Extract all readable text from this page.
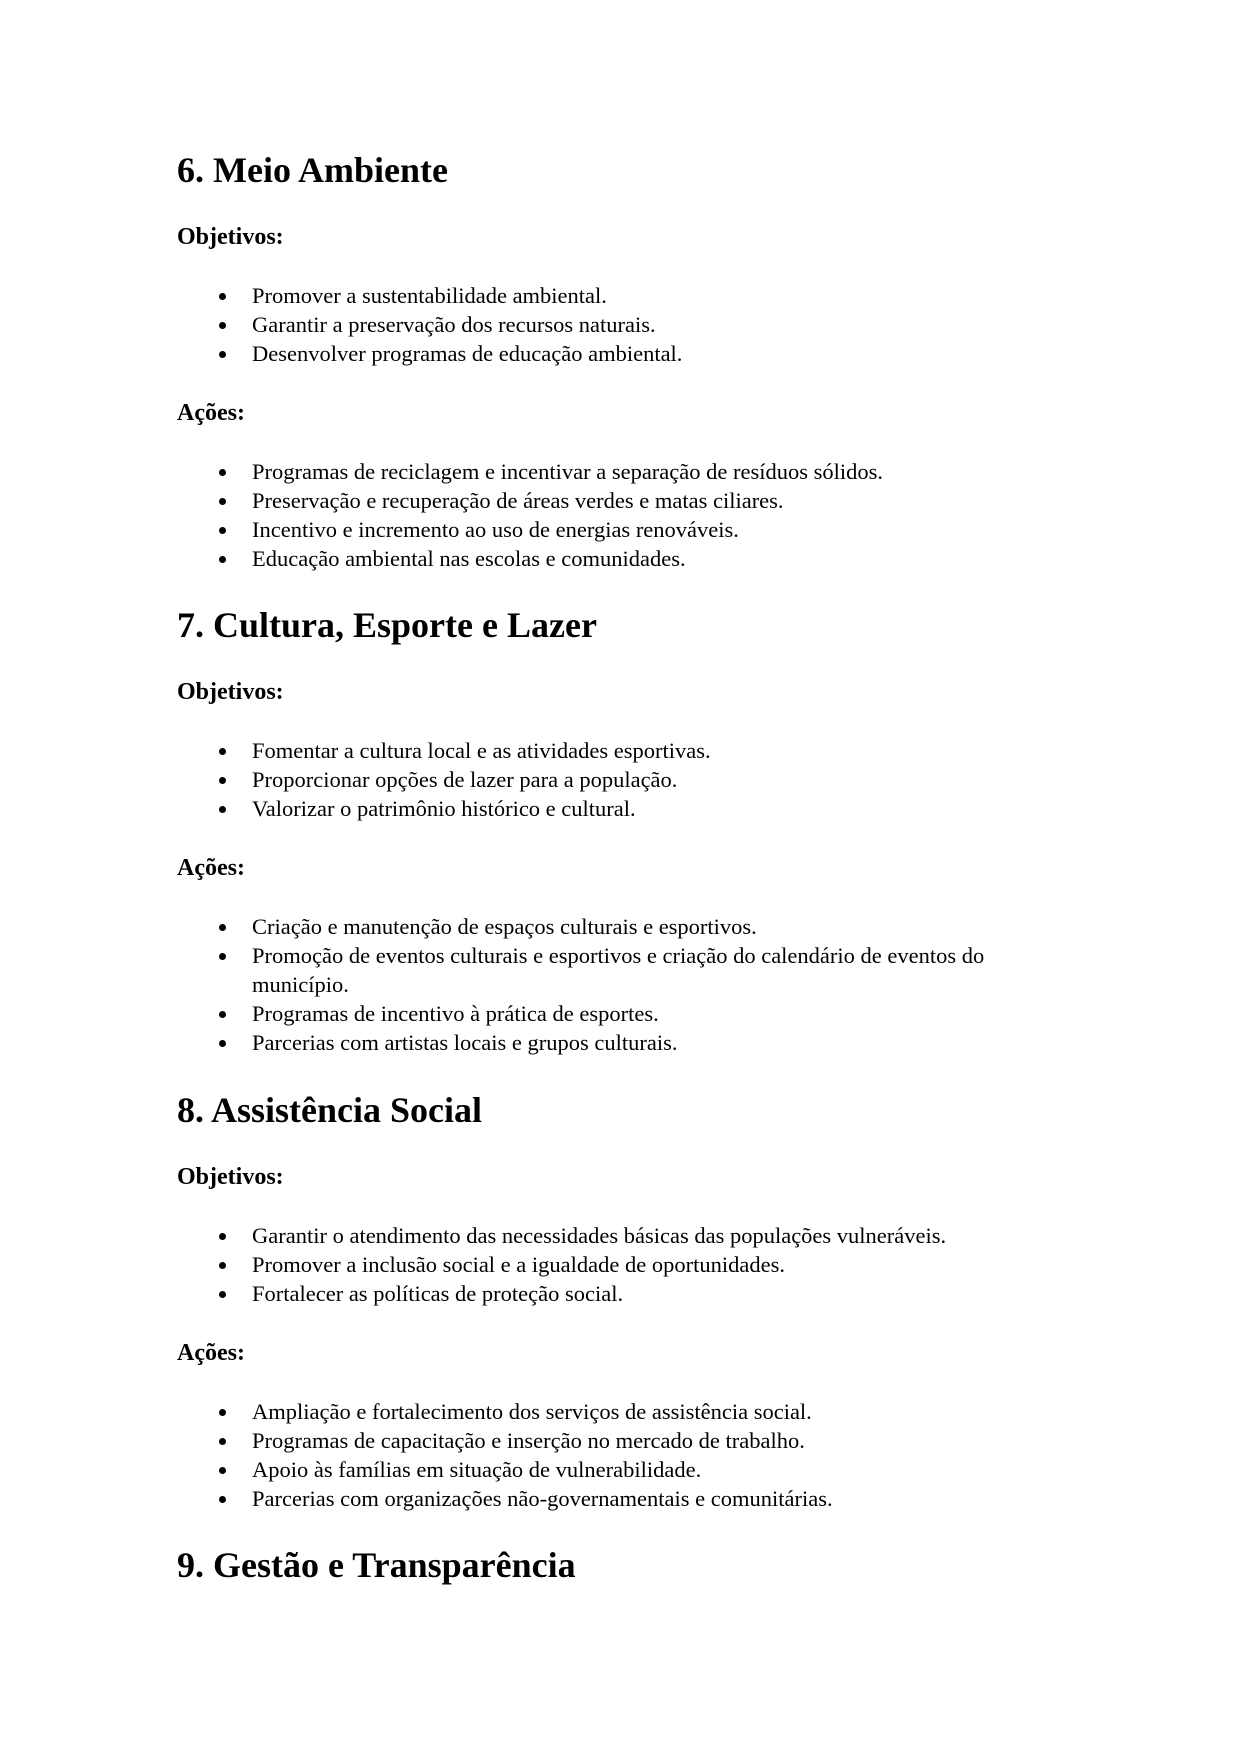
6. Meio Ambiente
Objetivos:
Promover a sustentabilidade ambiental.
Garantir a preservação dos recursos naturais.
Desenvolver programas de educação ambiental.
Ações:
Programas de reciclagem e incentivar a separação de resíduos sólidos.
Preservação e recuperação de áreas verdes e matas ciliares.
Incentivo e incremento ao uso de energias renováveis.
Educação ambiental nas escolas e comunidades.
7. Cultura, Esporte e Lazer
Objetivos:
Fomentar a cultura local e as atividades esportivas.
Proporcionar opções de lazer para a população.
Valorizar o patrimônio histórico e cultural.
Ações:
Criação e manutenção de espaços culturais e esportivos.
Promoção de eventos culturais e esportivos e criação do calendário de eventos do município.
Programas de incentivo à prática de esportes.
Parcerias com artistas locais e grupos culturais.
8. Assistência Social
Objetivos:
Garantir o atendimento das necessidades básicas das populações vulneráveis.
Promover a inclusão social e a igualdade de oportunidades.
Fortalecer as políticas de proteção social.
Ações:
Ampliação e fortalecimento dos serviços de assistência social.
Programas de capacitação e inserção no mercado de trabalho.
Apoio às famílias em situação de vulnerabilidade.
Parcerias com organizações não-governamentais e comunitárias.
9. Gestão e Transparência
